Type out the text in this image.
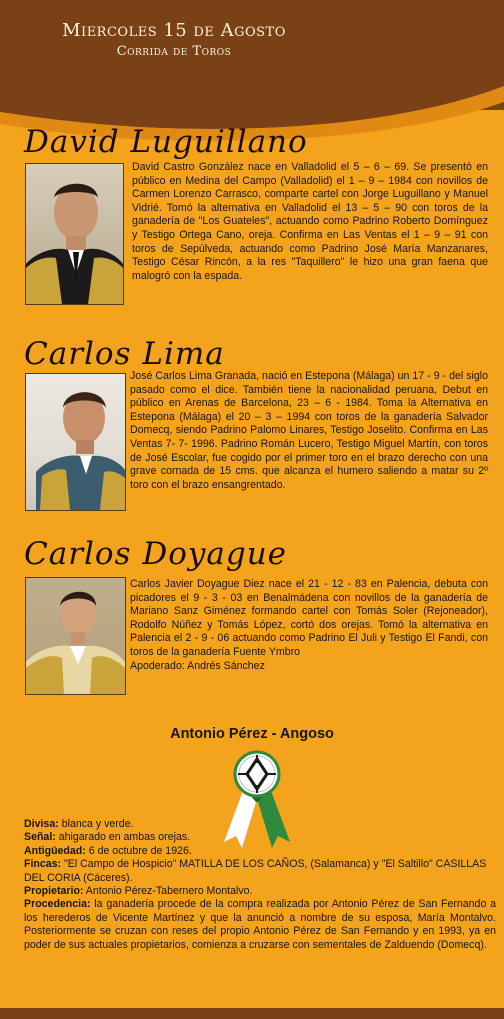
Miercoles 15 de Agosto
Corrida de Toros
David Luguillano
David Castro González nace en Valladolid el 5 – 6 – 69. Se presentó en público en Medina del Campo (Valladolid) el 1 – 9 – 1984 con novillos de Carmen Lorenzo Carrasco, comparte cartel con Jorge Luguillano y Manuel Vidrié. Tomó la alternativa en Valladolid el 13 – 5 – 90 con toros de la ganadería de "Los Guateles", actuando como Padrino Roberto Domínguez y Testigo Ortega Cano, oreja. Confirma en Las Ventas el 1 – 9 – 91 con toros de Sepúlveda, actuando como Padrino José María Manzanares, Testigo César Rincón, a la res "Taquillero" le hizo una gran faena que malogró con la espada.
Carlos Lima
José Carlos Lima Granada, nació en Estepona (Málaga) un 17 - 9 - del siglo pasado como el dice. También tiene la nacionalidad peruana, Debut en público en Arenas de Barcelona, 23 – 6 - 1984. Toma la Alternativa en Estepona (Málaga) el 20 – 3 – 1994 con toros de la ganadería Salvador Domecq, siendo Padrino Palomo Linares, Testigo Joselito. Confirma en Las Ventas 7- 7- 1996. Padrino Román Lucero, Testigo Miguel Martín, con toros de José Escolar, fue cogido por el primer toro en el brazo derecho con una grave cornada de 15 cms. que alcanza el humero saliendo a matar su 2º toro con el brazo ensangrentado.
Carlos Doyague

Carlos Javier Doyague Diez nace el 21 - 12 - 83 en Palencia, debuta con picadores el 9 - 3 - 03 en Benalmádena con novillos de la ganadería de Mariano Sanz Giménez formando cartel con Tomás Soler (Rejoneador), Rodolfo Núñez y Tomás López, cortó dos orejas. Tomó la alternativa en Palencia el 2 - 9 - 06 actuando como Padrino El Juli y Testigo El Fandi, con toros de la ganadería Fuente Ymbro

Apoderado: Andrés Sánchez

Antonio Pérez - Angoso

Divisa: blanca y verde.

Señal: ahigarado en ambas orejas.

Antigüedad: 6 de octubre de 1926.

Fincas: "El Campo de Hospicio" MATILLA DE LOS CAÑOS, (Salamanca) y "El Saltillo" CASILLAS DEL CORIA (Cáceres).

Propietario: Antonio Pérez-Tabernero Montalvo.

Procedencia: la ganadería procede de la compra realizada por Antonio Pérez de San Fernando a los herederos de Vicente Martínez y que la anunció a nombre de su esposa, María Montalvo. Posteriormente se cruzan con reses del propio Antonio Pérez de San Fernando y en 1993, ya en poder de sus actuales propietarios, comienza a cruzarse con sementales de Zalduendo (Domecq).
